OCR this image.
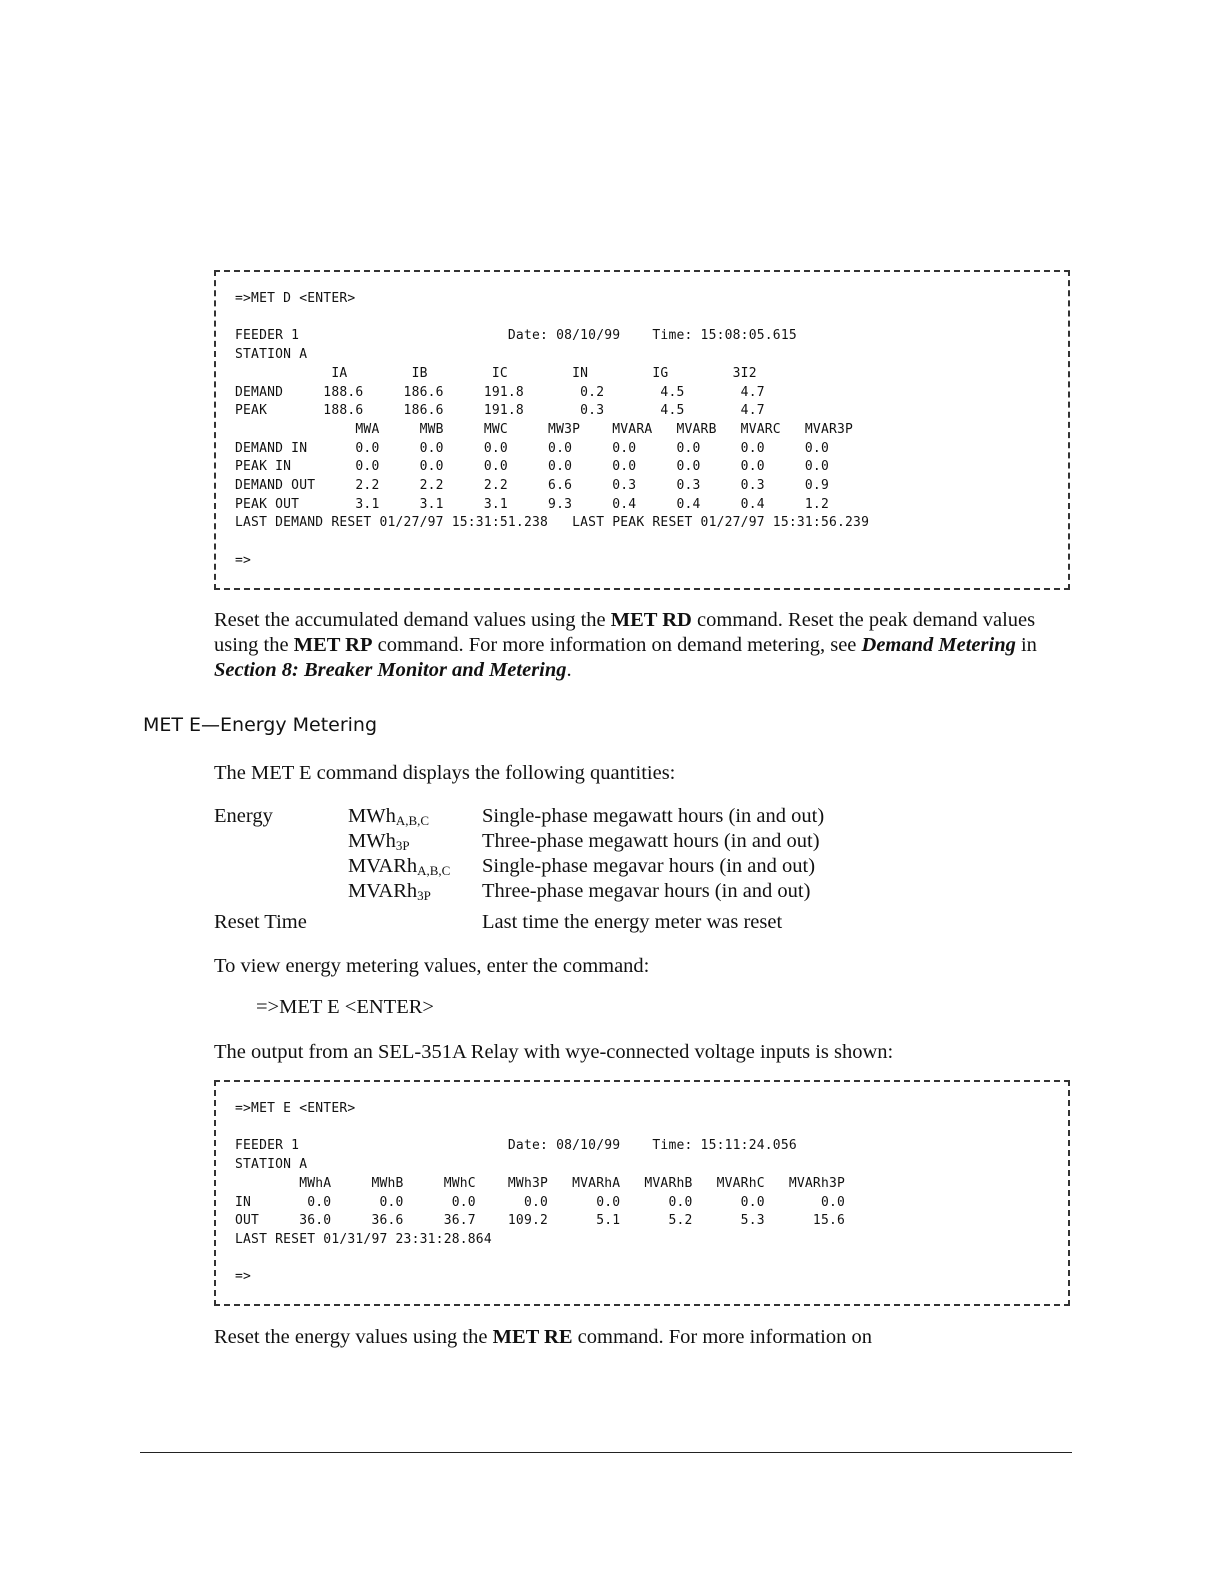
=>MET D <ENTER>

FEEDER 1                          Date: 08/10/99    Time: 15:08:05.615
STATION A
IA        IB        IC        IN        IG        3I2
DEMAND     188.6     186.6     191.8       0.2       4.5       4.7
PEAK       188.6     186.6     191.8       0.3       4.5       4.7
MWA     MWB     MWC     MW3P    MVARA   MVARB   MVARC   MVAR3P
DEMAND IN      0.0     0.0     0.0     0.0     0.0     0.0     0.0     0.0
PEAK IN        0.0     0.0     0.0     0.0     0.0     0.0     0.0     0.0
DEMAND OUT     2.2     2.2     2.2     6.6     0.3     0.3     0.3     0.9
PEAK OUT       3.1     3.1     3.1     9.3     0.4     0.4     0.4     1.2
LAST DEMAND RESET 01/27/97 15:31:51.238   LAST PEAK RESET 01/27/97 15:31:56.239

=>
Reset the accumulated demand values using the MET RD command. Reset the peak demand values using the MET RP command. For more information on demand metering, see Demand Metering in Section 8: Breaker Monitor and Metering.
MET E—Energy Metering
The MET E command displays the following quantities:
Energy	MWh$_{A,B,C}$	Single-phase megawatt hours (in and out)
MWh$_{3P}$	Three-phase megawatt hours (in and out)
MVARh$_{A,B,C}$ Single-phase megavar hours (in and out)
MVARh$_{3P}$ Three-phase megavar hours (in and out)
Reset Time	Last time the energy meter was reset
To view energy metering values, enter the command:
=>MET E <ENTER>
The output from an SEL-351A Relay with wye-connected voltage inputs is shown:
=>MET E <ENTER>

FEEDER 1                          Date: 08/10/99    Time: 15:11:24.056
STATION A
MWhA     MWhB     MWhC    MWh3P   MVARhA   MVARhB   MVARhC   MVARh3P
IN       0.0      0.0      0.0      0.0      0.0      0.0      0.0       0.0
OUT     36.0     36.6     36.7    109.2      5.1      5.2      5.3      15.6
LAST RESET 01/31/97 23:31:28.864

=>
Reset the energy values using the MET RE command. For more information on
